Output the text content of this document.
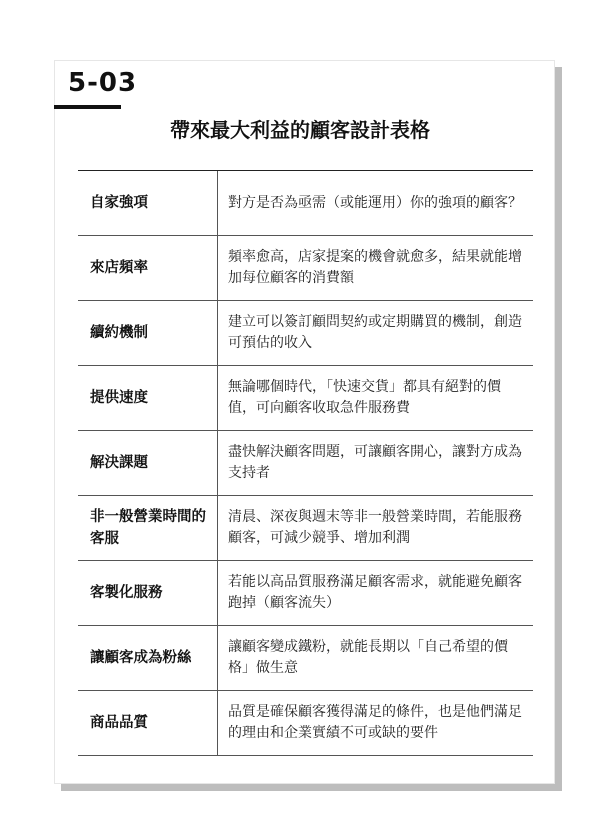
5-03
帶來最大利益的顧客設計表格
自家強項	對方是否為亟需（或能運用）你的強項的顧客？
來店頻率
頻率愈高，店家提案的機會就愈多，結果就能增加每位顧客的消費額
續約機制
建立可以簽訂顧問契約或定期購買的機制，創造可預估的收入
提供速度
無論哪個時代，「快速交貨」都具有絕對的價值，可向顧客收取急件服務費
解決課題
盡快解決顧客問題，可讓顧客開心，讓對方成為支持者
非一般營業時間的客服
清晨、深夜與週末等非一般營業時間，若能服務顧客，可減少競爭、增加利潤
客製化服務
若能以高品質服務滿足顧客需求，就能避免顧客跑掉（顧客流失）
讓顧客成為粉絲
讓顧客變成鐵粉，就能長期以「自己希望的價格」做生意
商品品質
品質是確保顧客獲得滿足的條件，也是他們滿足的理由和企業實績不可或缺的要件
